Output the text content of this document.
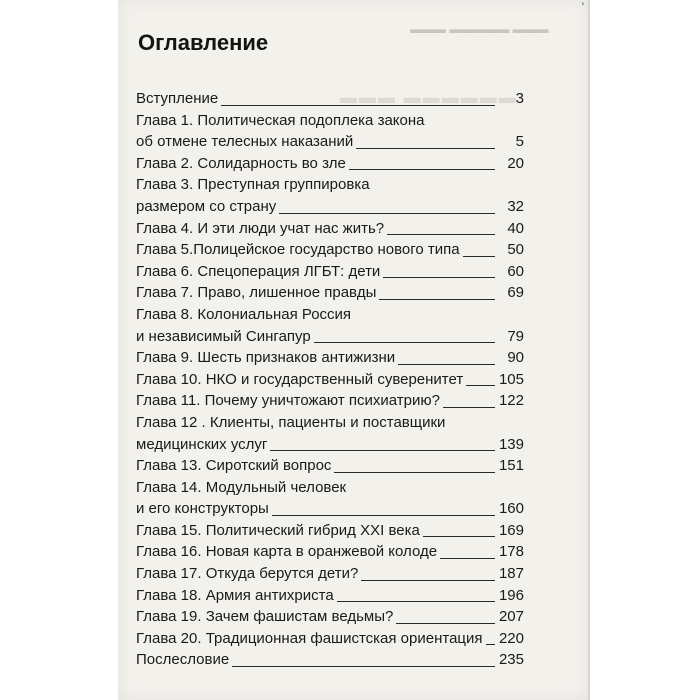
'
▬▬▬ ▬▬▬▬▬ ▬▬▬
▬▬▬ ▬▬▬▬▬▬
Оглавление
Вступление	3
Глава 1. Политическая подоплека закона
об отмене телесных наказаний	5
Глава 2. Солидарность во зле	20
Глава 3. Преступная группировка
размером со страну	32
Глава 4. И эти люди учат нас жить?	40
Глава 5.Полицейское государство нового типа	50
Глава 6. Спецоперация ЛГБТ: дети	60
Глава 7. Право, лишенное правды	69
Глава 8. Колониальная Россия
и независимый Сингапур	79
Глава 9. Шесть признаков антижизни	90
Глава 10. НКО и государственный суверенитет 105
Глава 11. Почему уничтожают психиатрию?	122
Глава 12 . Клиенты, пациенты и поставщики
медицинских услуг	139
Глава 13. Сиротский вопрос	151
Глава 14. Модульный человек
и его конструкторы	160
Глава 15. Политический гибрид XXI века	169
Глава 16. Новая карта в оранжевой колоде	178
Глава 17. Откуда берутся дети?	187
Глава 18. Армия антихриста	196
Глава 19. Зачем фашистам ведьмы?	207
Глава 20. Традиционная фашистская ориентация 220
Послесловие	235
